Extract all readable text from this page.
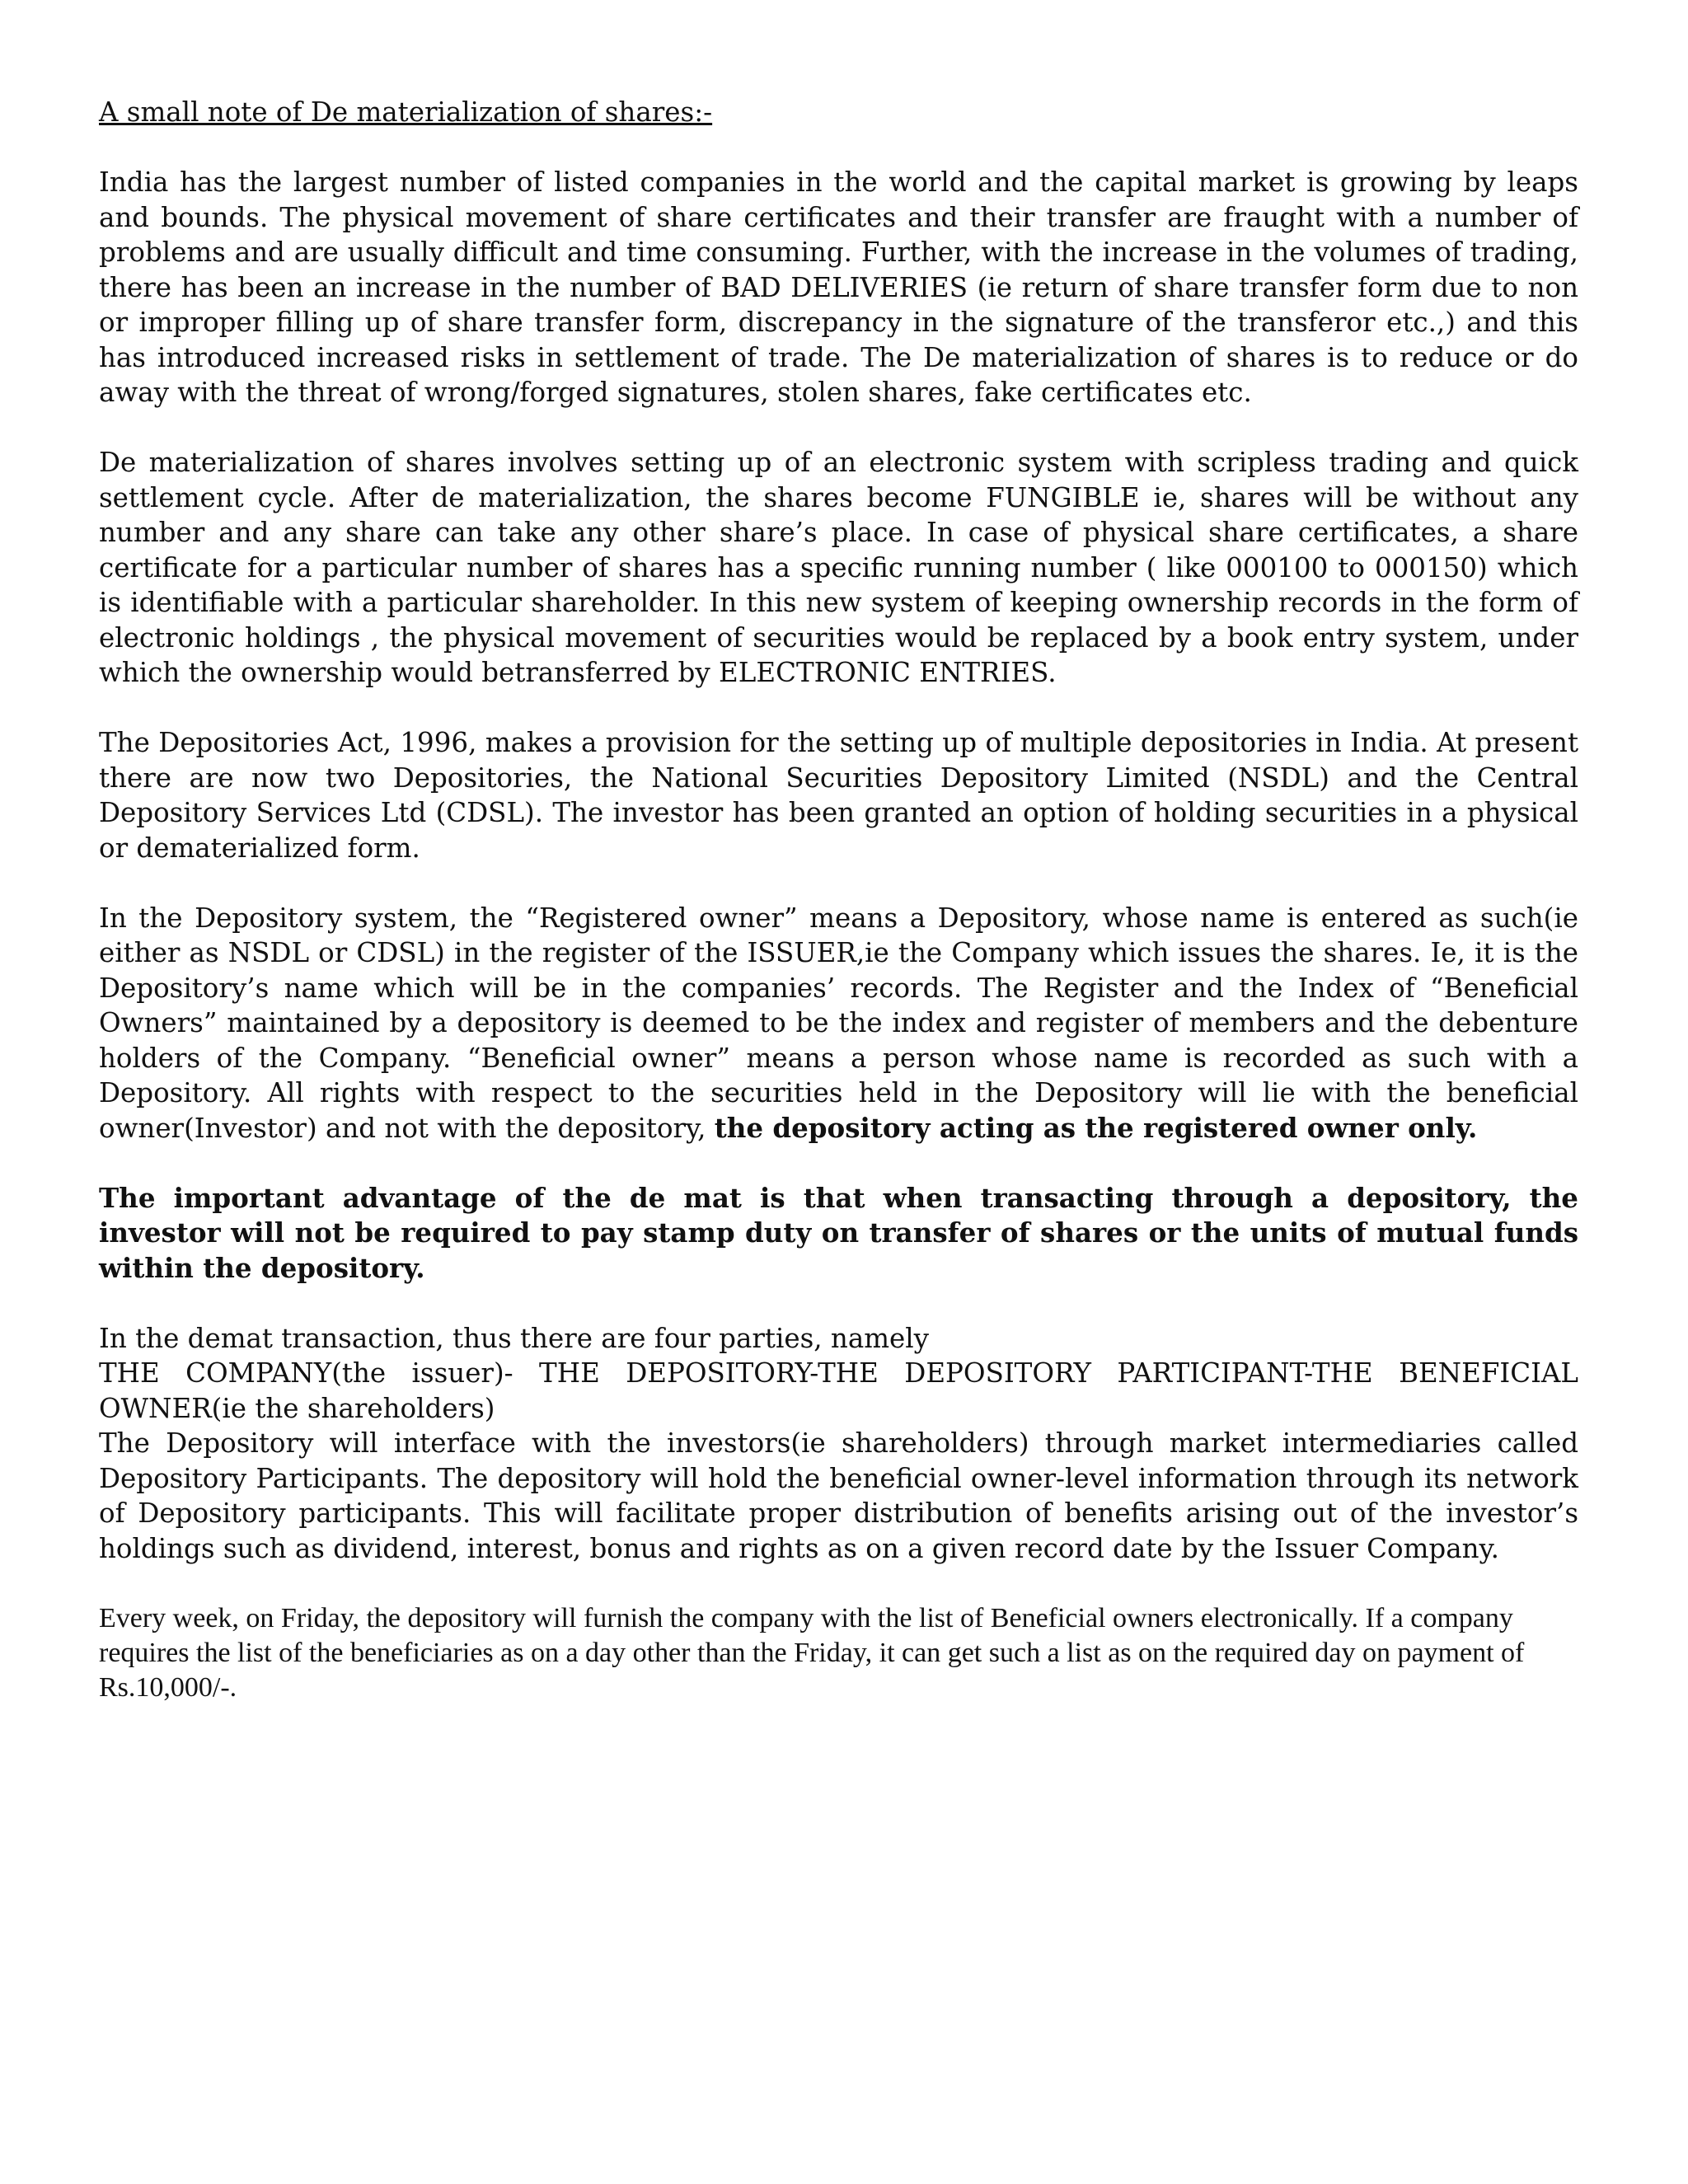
A small note of De materialization of shares:-

India has the largest number of listed companies in the world and the capital market is growing by leaps and bounds. The physical movement of share certificates and their transfer are fraught with a number of problems and are usually difficult and time consuming. Further, with the increase in the volumes of trading, there has been an increase in the number of BAD DELIVERIES (ie return of share transfer form due to non or improper filling up of share transfer form, discrepancy in the signature of the transferor etc.,) and this has introduced increased risks in settlement of trade. The De materialization of shares is to reduce or do away with the threat of wrong/forged signatures, stolen shares, fake certificates etc.

De materialization of shares involves setting up of an electronic system with scripless trading and quick settlement cycle. After de materialization, the shares become FUNGIBLE ie, shares will be without any number and any share can take any other share’s place. In case of physical share certificates, a share certificate for a particular number of shares has a specific running number ( like 000100 to 000150) which is identifiable with a particular shareholder. In this new system of keeping ownership records in the form of electronic holdings , the physical movement of securities would be replaced by a book entry system, under which the ownership would betransferred by ELECTRONIC ENTRIES.

The Depositories Act, 1996, makes a provision for the setting up of multiple depositories in India. At present there are now two Depositories, the National Securities Depository Limited (NSDL) and the Central Depository Services Ltd (CDSL). The investor has been granted an option of holding securities in a physical or dematerialized form.

In the Depository system, the “Registered owner” means a Depository, whose name is entered as such(ie either as NSDL or CDSL) in the register of the ISSUER,ie the Company which issues the shares. Ie, it is the Depository’s name which will be in the companies’ records. The Register and the Index of “Beneficial Owners” maintained by a depository is deemed to be the index and register of members and the debenture holders of the Company. “Beneficial owner” means a person whose name is recorded as such with a Depository. All rights with respect to the securities held in the Depository will lie with the beneficial owner(Investor) and not with the depository, the depository acting as the registered owner only.

The important advantage of the de mat is that when transacting through a depository, the investor will not be required to pay stamp duty on transfer of shares or the units of mutual funds within the depository.

In the demat transaction, thus there are four parties, namely

THE COMPANY(the issuer)- THE DEPOSITORY-THE DEPOSITORY PARTICIPANT-THE BENEFICIAL OWNER(ie the shareholders)

The Depository will interface with the investors(ie shareholders) through market intermediaries called Depository Participants. The depository will hold the beneficial owner-level information through its network of Depository participants. This will facilitate proper distribution of benefits arising out of the investor’s holdings such as dividend, interest, bonus and rights as on a given record date by the Issuer Company.

Every week, on Friday, the depository will furnish the company with the list of Beneficial owners electronically. If a company requires the list of the beneficiaries as on a day other than the Friday, it can get such a list as on the required day on payment of Rs.10,000/-.
